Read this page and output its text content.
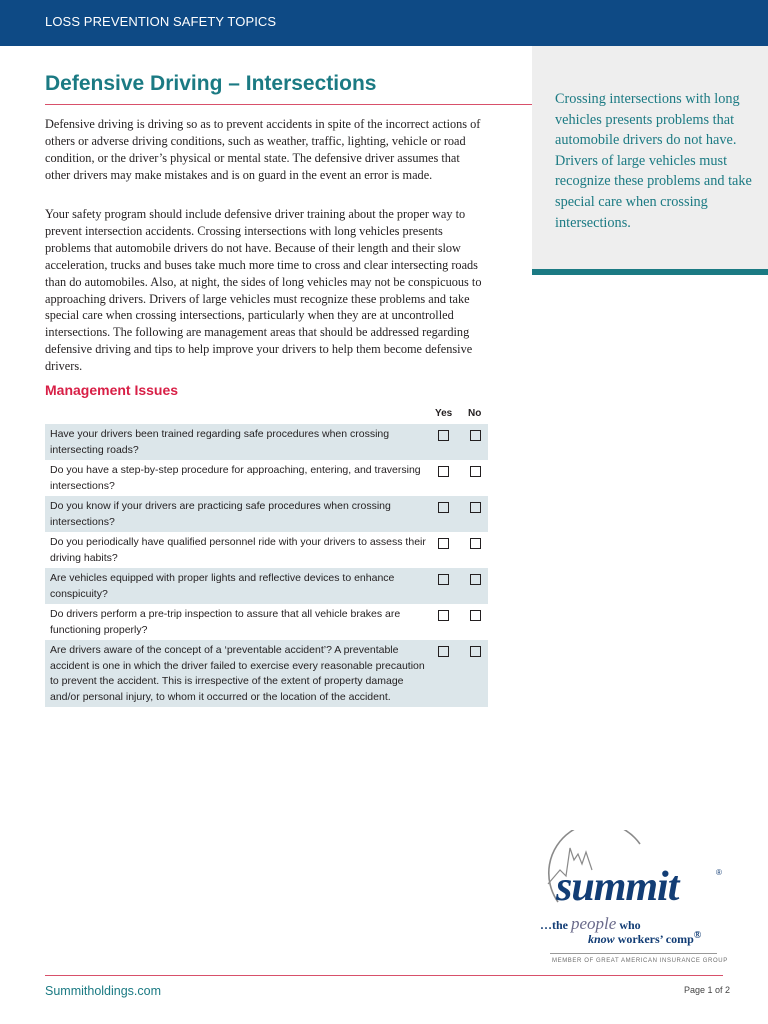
LOSS PREVENTION SAFETY TOPICS

Crossing intersections with long vehicles presents problems that automobile drivers do not have. Drivers of large vehicles must recognize these problems and take special care when crossing intersections.

Defensive Driving – Intersections

Defensive driving is driving so as to prevent accidents in spite of the incorrect actions of others or adverse driving conditions, such as weather, traffic, lighting, vehicle or road condition, or the driver’s physical or mental state. The defensive driver assumes that other drivers may make mistakes and is on guard in the event an error is made.

Your safety program should include defensive driver training about the proper way to prevent intersection accidents. Crossing intersections with long vehicles presents problems that automobile drivers do not have. Because of their length and their slow acceleration, trucks and buses take much more time to cross and clear intersecting roads than do automobiles. Also, at night, the sides of long vehicles may not be conspicuous to approaching drivers. Drivers of large vehicles must recognize these problems and take special care when crossing intersections, particularly when they are at uncontrolled intersections. The following are management areas that should be addressed regarding defensive driving and tips to help improve your drivers to help them become defensive drivers.

Management Issues
Yes No
Have your drivers been trained regarding safe procedures when crossing intersecting roads?
Do you have a step-by-step procedure for approaching, entering, and traversing intersections?
Do you know if your drivers are practicing safe procedures when crossing intersections?
Do you periodically have qualified personnel ride with your drivers to assess their driving habits?
Are vehicles equipped with proper lights and reflective devices to enhance conspicuity?
Do drivers perform a pre-trip inspection to assure that all vehicle brakes are functioning properly?
Are drivers aware of the concept of a ‘preventable accident’? A preventable accident is one in which the driver failed to exercise every reasonable precaution to prevent the accident. This is irrespective of the extent of property damage and/or personal injury, to whom it occurred or the location of the accident.
summit	®
…the people who
know workers’ comp®
MEMBER OF GREAT AMERICAN INSURANCE GROUP
Summitholdings.com	Page 1 of 2
